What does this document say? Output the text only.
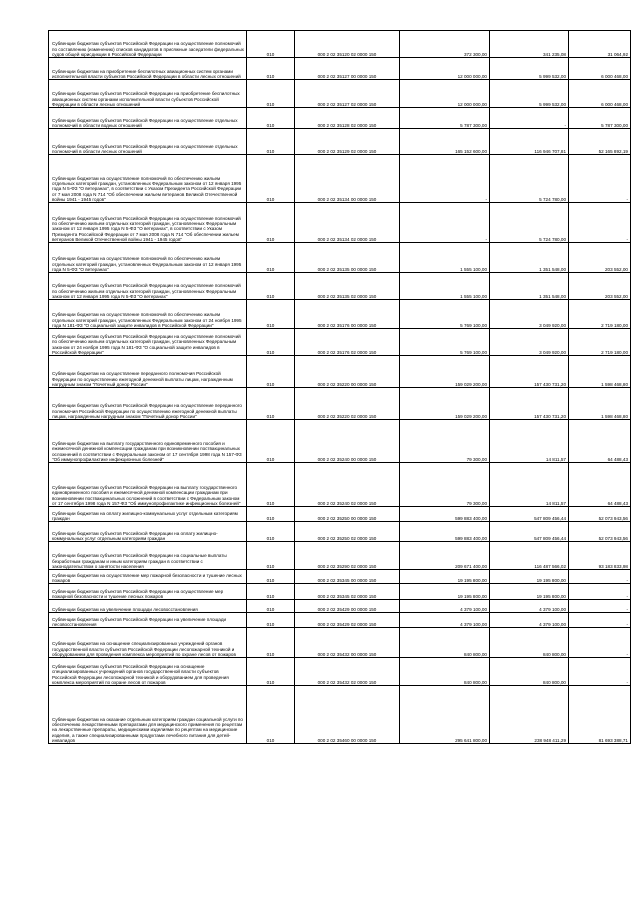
Субвенции бюджетам субъектов Российской Федерации на осуществление полномочий по составлению (изменению) списков кандидатов в присяжные заседатели федеральных судов общей юрисдикции в Российской Федерации	010	000 2 02 35120 02 0000 150	372 300,00	341 235,08	31 064,92
Субвенции бюджетам на приобретение беспилотных авиационных систем органами исполнительной власти субъектов Российской Федерации в области лесных отношений	010	000 2 02 35127 00 0000 150	12 000 000,00	5 999 532,00	6 000 468,00
Субвенции бюджетам субъектов Российской Федерации на приобретение беспилотных авиационных систем органами исполнительной власти субъектов Российской Федерации в области лесных отношений	010	000 2 02 35127 02 0000 150	12 000 000,00	5 999 532,00	6 000 468,00
Субвенции бюджетам субъектов Российской Федерации на осуществление отдельных полномочий в области водных отношений	010	000 2 02 35128 02 0000 150	5 787 300,00	-	5 787 300,00
Субвенции бюджетам субъектов Российской Федерации на осуществление отдельных полномочий в области лесных отношений	010	000 2 02 35129 02 0000 150	165 152 600,00	116 946 707,81	52 165 892,19
Субвенции бюджетам на осуществление полномочий по обеспечению жильем отдельных категорий граждан, установленных Федеральным законом от 12 января 1995 года N 5-ФЗ "О ветеранах", в соответствии с Указом Президента Российской Федерации от 7 мая 2008 года N 714 "Об обеспечении жильем ветеранов Великой Отечественной войны 1941 - 1945 годов"	010	000 2 02 35134 00 0000 150	-	5 724 780,00	-
Субвенции бюджетам субъектов Российской Федерации на осуществление полномочий по обеспечению жильем отдельных категорий граждан, установленных Федеральным законом от 12 января 1995 года N 5-ФЗ "О ветеранах", в соответствии с Указом Президента Российской Федерации от 7 мая 2008 года N 714 "Об обеспечении жильем ветеранов Великой Отечественной войны 1941 - 1945 годов"	010	000 2 02 35134 02 0000 150	-	5 724 780,00	-
Субвенции бюджетам на осуществление полномочий по обеспечению жильем отдельных категорий граждан, установленных Федеральным законом от 12 января 1995 года N 5-ФЗ "О ветеранах"	010	000 2 02 35135 00 0000 150	1 555 100,00	1 351 548,00	203 552,00
Субвенции бюджетам субъектов Российской Федерации на осуществление полномочий по обеспечению жильем отдельных категорий граждан, установленных Федеральным законом от 12 января 1995 года N 5-ФЗ "О ветеранах"	010	000 2 02 35135 02 0000 150	1 555 100,00	1 351 548,00	203 552,00
Субвенции бюджетам на осуществление полномочий по обеспечению жильем отдельных категорий граждан, установленных Федеральным законом от 24 ноября 1995 года N 181-ФЗ "О социальной защите инвалидов в Российской Федерации"	010	000 2 02 35176 00 0000 150	5 769 100,00	3 049 920,00	2 719 180,00
Субвенции бюджетам субъектов Российской Федерации на осуществление полномочий по обеспечению жильем отдельных категорий граждан, установленных Федеральным законом от 24 ноября 1995 года N 181-ФЗ "О социальной защите инвалидов в Российской Федерации"	010	000 2 02 35176 02 0000 150	5 769 100,00	3 049 920,00	2 719 180,00
Субвенции бюджетам на осуществление переданного полномочия Российской Федерации по осуществлению ежегодной денежной выплаты лицам, награжденным нагрудным знаком "Почетный донор России"	010	000 2 02 35220 00 0000 150	159 029 200,00	157 430 731,20	1 598 468,80
Субвенции бюджетам субъектов Российской Федерации на осуществление переданного полномочия Российской Федерации по осуществлению ежегодной денежной выплаты лицам, награжденным нагрудным знаком "Почетный донор России"	010	000 2 02 35220 02 0000 150	159 029 200,00	157 430 731,20	1 598 468,80
Субвенции бюджетам на выплату государственного единовременного пособия и ежемесячной денежной компенсации гражданам при возникновении поствакцинальных осложнений в соответствии с Федеральным законом от 17 сентября 1998 года N 157-ФЗ "Об иммунопрофилактике инфекционных болезней"	010	000 2 02 35240 00 0000 150	79 300,00	14 811,57	64 488,43
Субвенции бюджетам субъектов Российской Федерации на выплату государственного единовременного пособия и ежемесячной денежной компенсации гражданам при возникновении поствакцинальных осложнений в соответствии с Федеральным законом от 17 сентября 1998 года N 157-ФЗ "Об иммунопрофилактике инфекционных болезней"	010	000 2 02 35240 02 0000 150	79 300,00	14 811,57	64 488,43
Субвенции бюджетам на оплату жилищно-коммунальных услуг отдельным категориям граждан	010	000 2 02 35250 00 0000 150	599 883 400,00	547 809 456,44	52 073 943,56
Субвенции бюджетам субъектов Российской Федерации на оплату жилищно-коммунальных услуг отдельным категориям граждан	010	000 2 02 35250 02 0000 150	599 883 400,00	547 809 456,44	52 073 943,56
Субвенции бюджетам субъектов Российской Федерации на социальные выплаты безработным гражданам и иным категориям граждан в соответствии с законодательством о занятости населения	010	000 2 02 35290 02 0000 150	209 671 400,00	116 487 566,02	93 183 833,98
Субвенции бюджетам на осуществление мер пожарной безопасности и тушение лесных пожаров	010	000 2 02 35345 00 0000 150	19 195 800,00	19 195 800,00	-
Субвенции бюджетам субъектов Российской Федерации на осуществление мер пожарной безопасности и тушение лесных пожаров	010	000 2 02 35345 02 0000 150	19 195 800,00	19 195 800,00	-
Субвенции бюджетам на увеличение площади лесовосстановления	010	000 2 02 35429 00 0000 150	4 379 100,00	4 379 100,00	-
Субвенции бюджетам субъектов Российской Федерации на увеличение площади лесовосстановления	010	000 2 02 35429 02 0000 150	4 379 100,00	4 379 100,00	-
Субвенции бюджетам на оснащение специализированных учреждений органов государственной власти субъектов Российской Федерации лесопожарной техникой и оборудованием для проведения комплекса мероприятий по охране лесов от пожаров	010	000 2 02 35432 00 0000 150	840 800,00	840 800,00	-
Субвенции бюджетам субъектов Российской Федерации на оснащение специализированных учреждений органов государственной власти субъектов Российской Федерации лесопожарной техникой и оборудованием для проведения комплекса мероприятий по охране лесов от пожаров	010	000 2 02 35432 02 0000 150	840 800,00	840 800,00	-
Субвенции бюджетам на оказание отдельным категориям граждан социальной услуги по обеспечению лекарственными препаратами для медицинского применения по рецептам на лекарственные препараты, медицинскими изделиями по рецептам на медицинские изделия, а также специализированными продуктами лечебного питания для детей-инвалидов	010	000 2 02 35460 00 0000 150	295 641 800,00	238 948 411,29	81 693 388,71
